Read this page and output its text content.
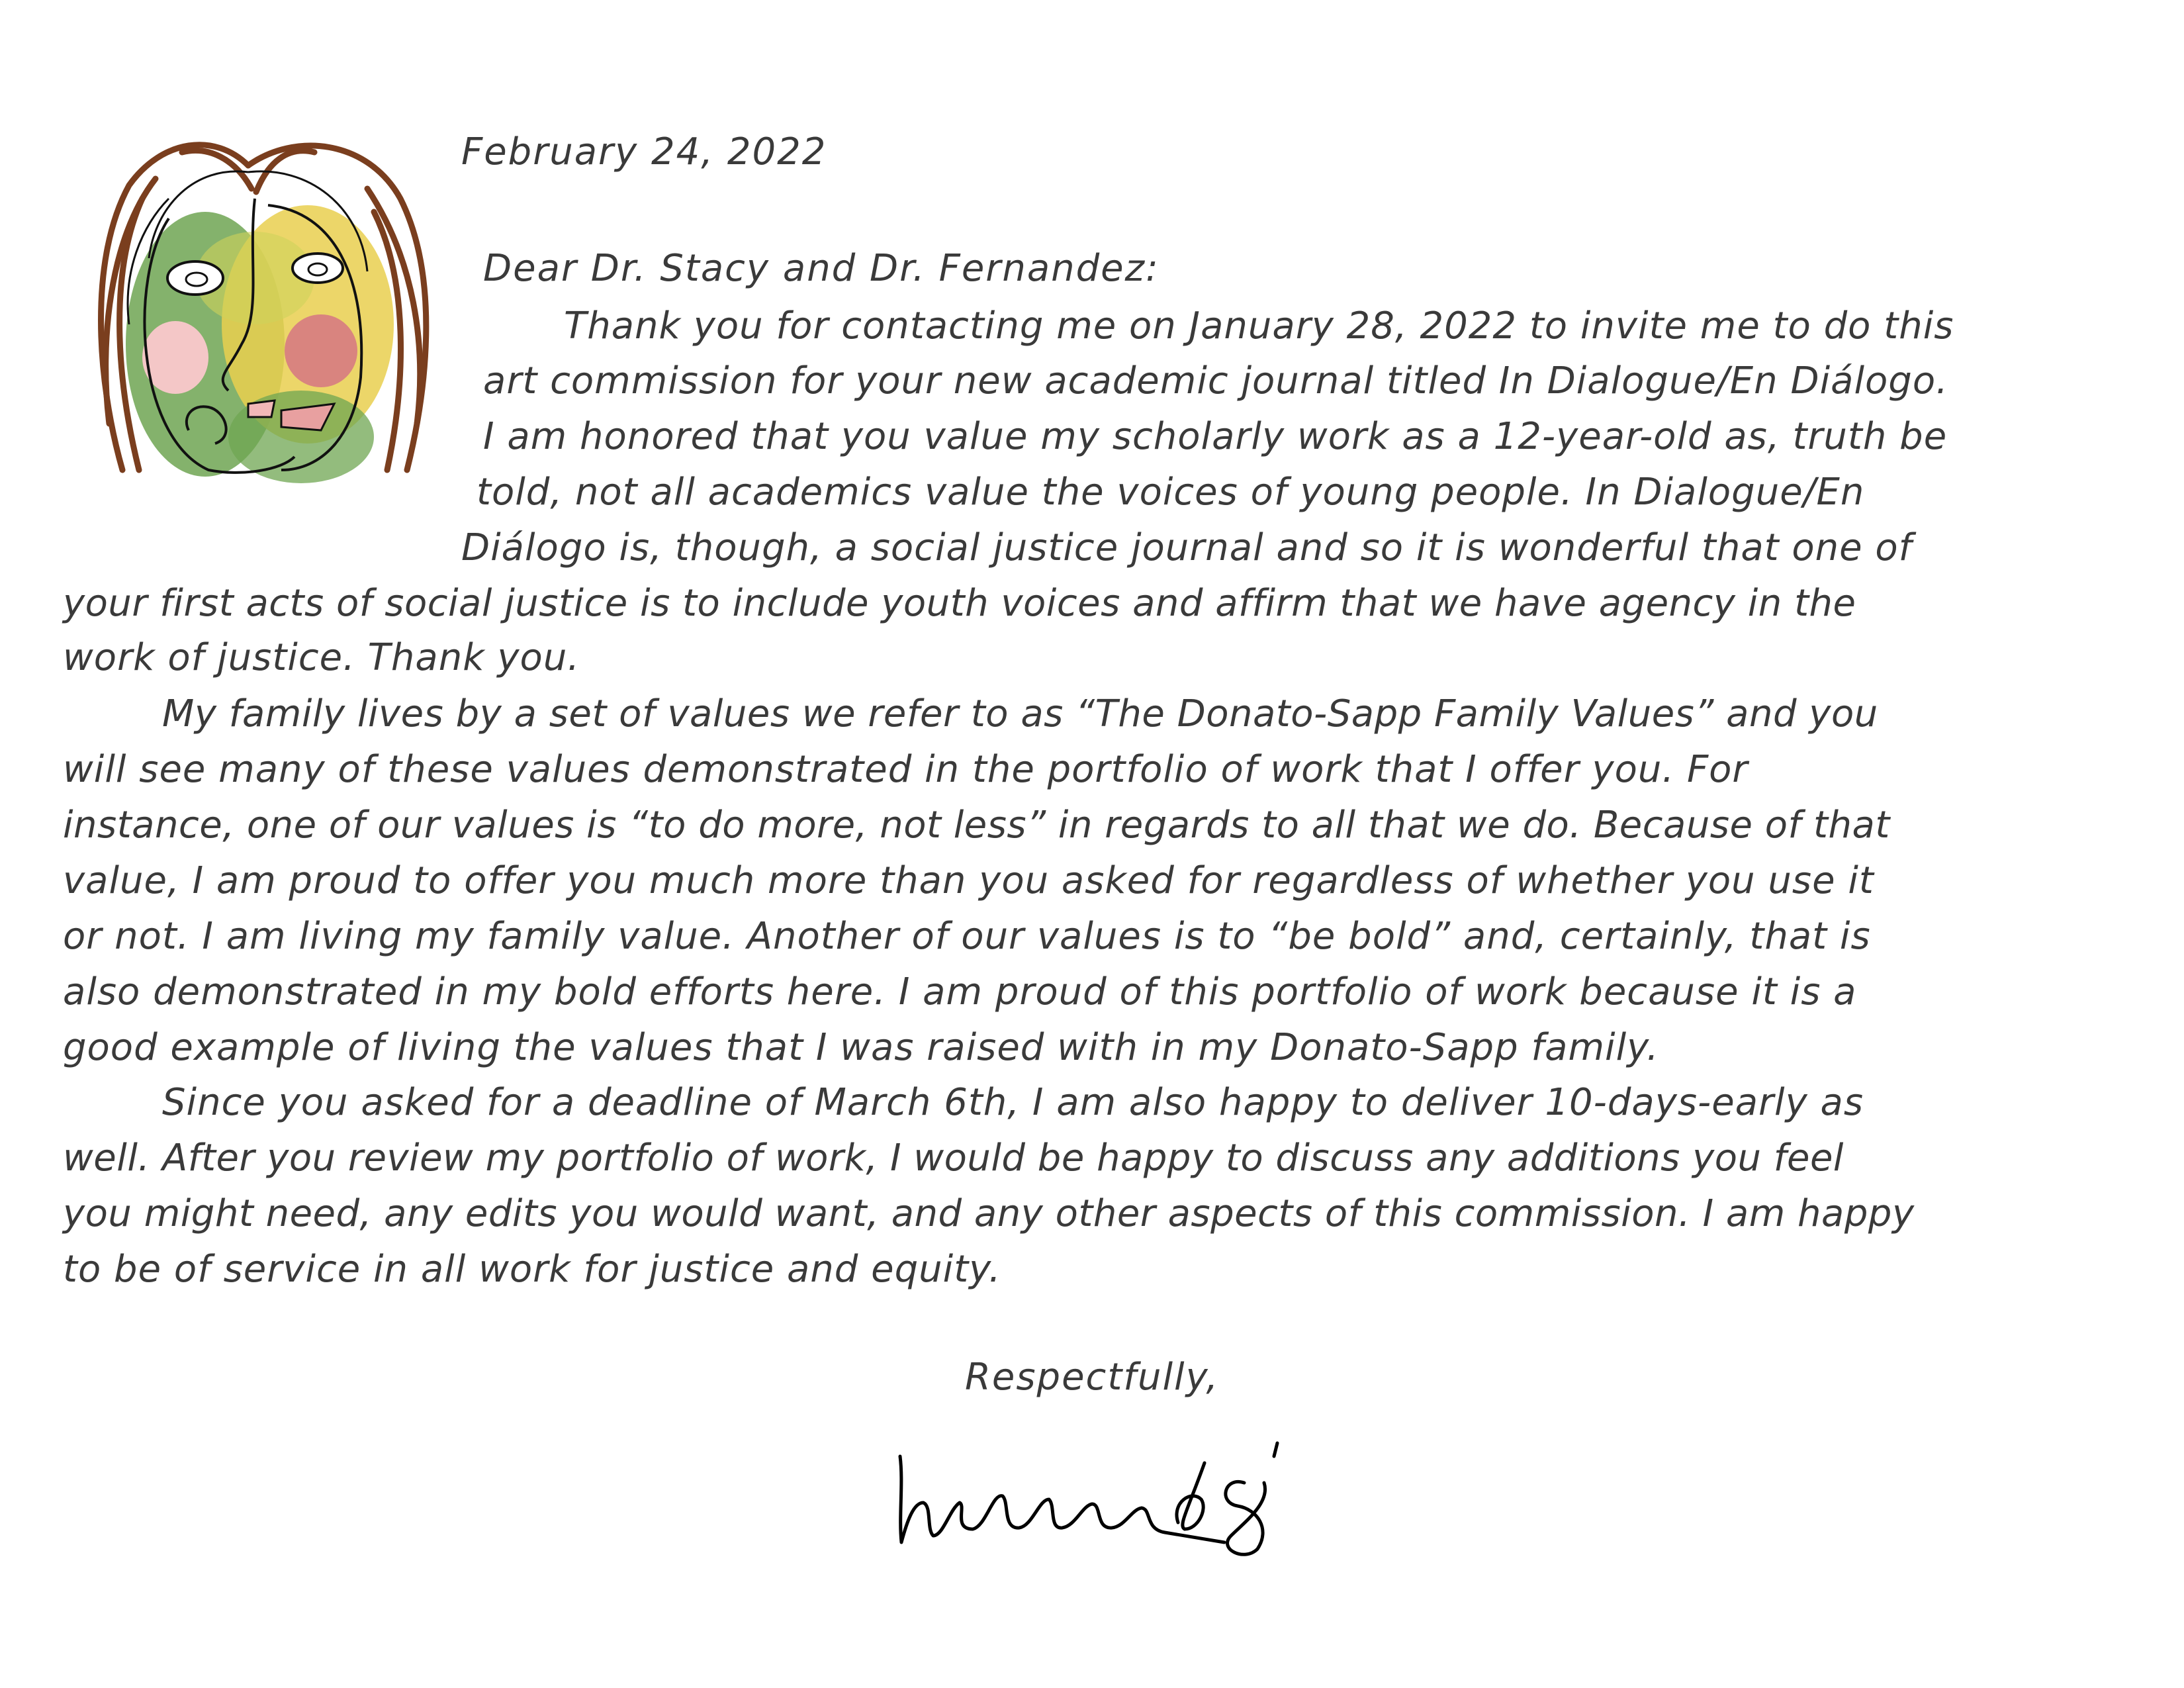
February 24, 2022
Dear Dr. Stacy and Dr. Fernandez:
Thank you for contacting me on January 28, 2022 to invite me to do this
art commission for your new academic journal titled In Dialogue/En Diálogo.
I am honored that you value my scholarly work as a 12-year-old as, truth be
told, not all academics value the voices of young people. In Dialogue/En
Diálogo is, though, a social justice journal and so it is wonderful that one of
your first acts of social justice is to include youth voices and affirm that we have agency in the
work of justice. Thank you.
My family lives by a set of values we refer to as “The Donato-Sapp Family Values” and you
will see many of these values demonstrated in the portfolio of work that I offer you. For
instance, one of our values is “to do more, not less” in regards to all that we do. Because of that
value, I am proud to offer you much more than you asked for regardless of whether you use it
or not. I am living my family value. Another of our values is to “be bold” and, certainly, that is
also demonstrated in my bold efforts here. I am proud of this portfolio of work because it is a
good example of living the values that I was raised with in my Donato-Sapp family.
Since you asked for a deadline of March 6th, I am also happy to deliver 10-days-early as
well. After you review my portfolio of work, I would be happy to discuss any additions you feel
you might need, any edits you would want, and any other aspects of this commission. I am happy
to be of service in all work for justice and equity.
Respectfully,
